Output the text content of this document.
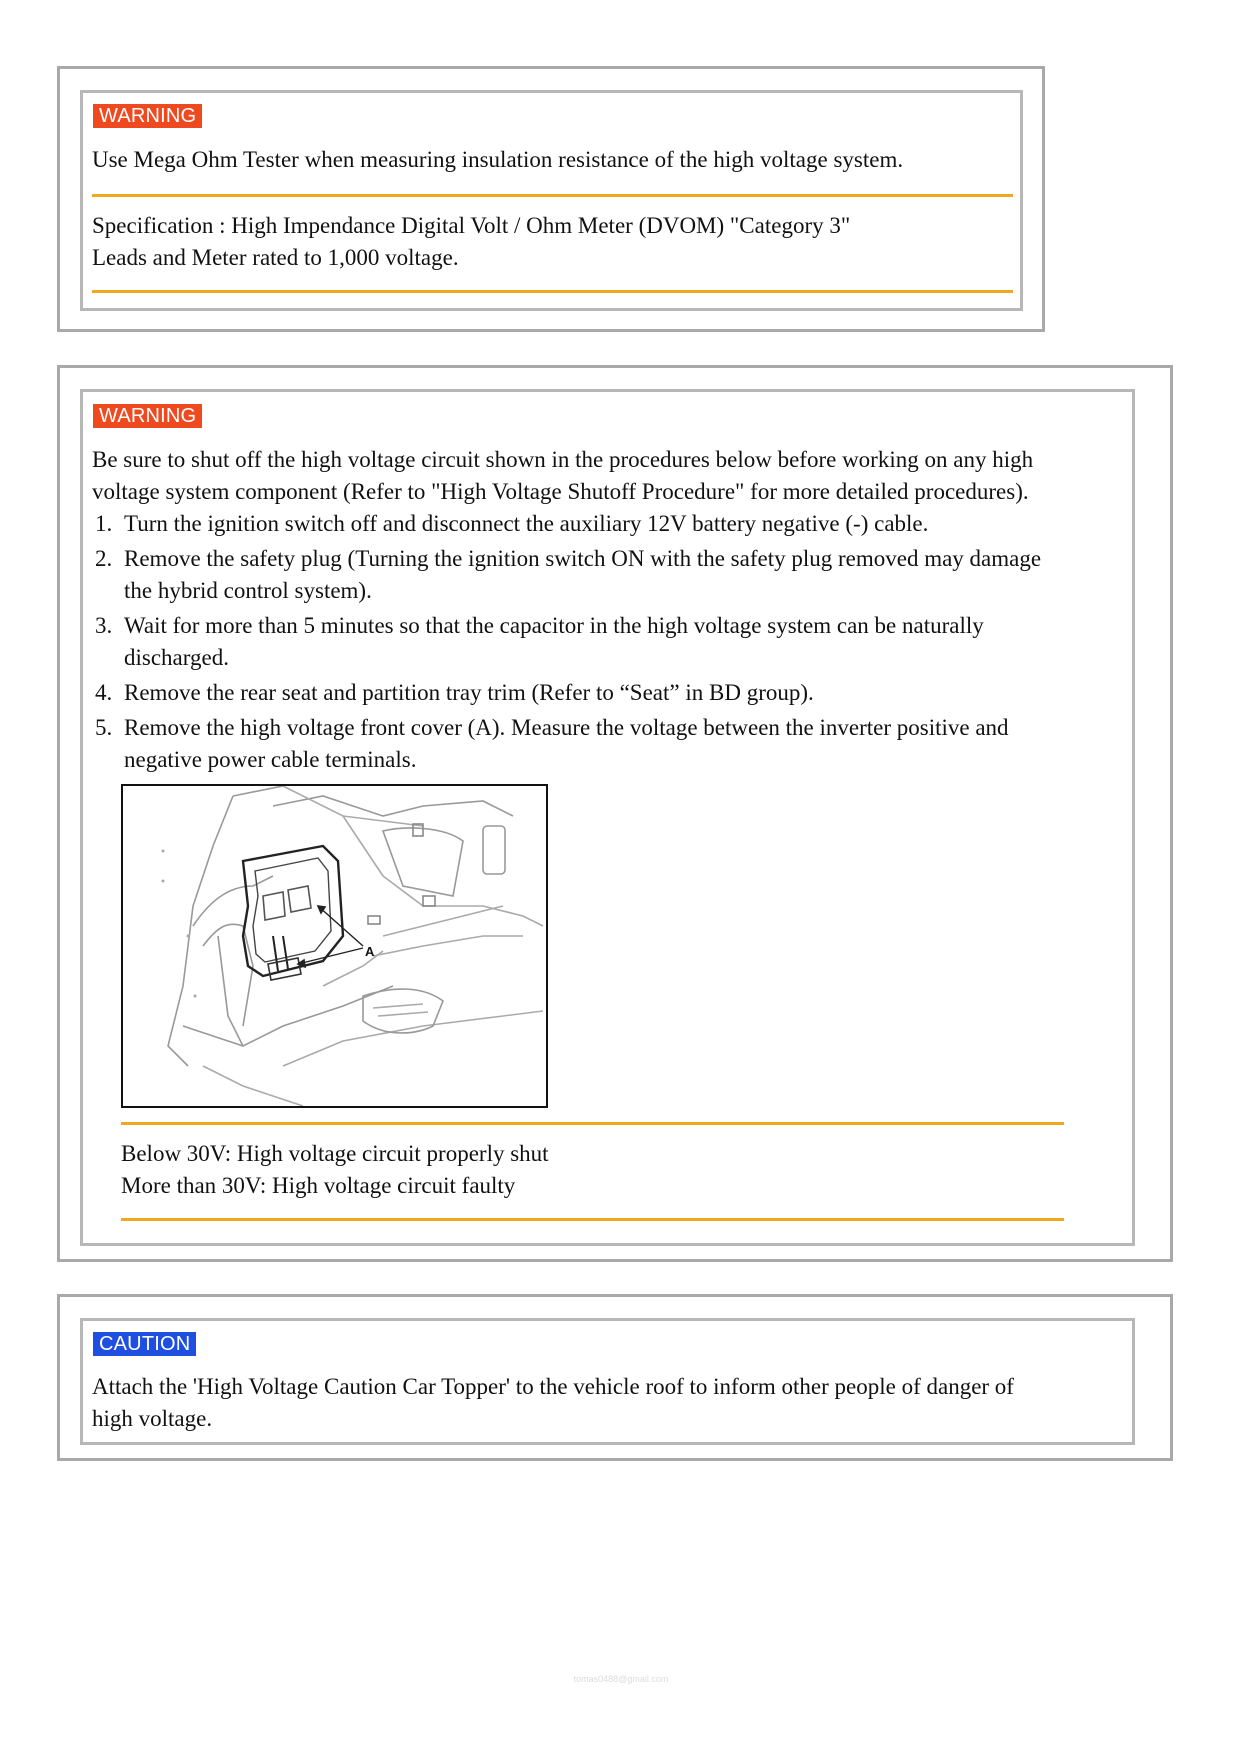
WARNING
Use Mega Ohm Tester when measuring insulation resistance of the high voltage system.
Specification : High Impendance Digital Volt / Ohm Meter (DVOM) "Category 3"
Leads and Meter rated to 1,000 voltage.
WARNING
Be sure to shut off the high voltage circuit shown in the procedures below before working on any high
voltage system component (Refer to "High Voltage Shutoff Procedure" for more detailed procedures).
1. Turn the ignition switch off and disconnect the auxiliary 12V battery negative (-) cable.
2. Remove the safety plug (Turning the ignition switch ON with the safety plug removed may damage
the hybrid control system).
3. Wait for more than 5 minutes so that the capacitor in the high voltage system can be naturally
discharged.
4. Remove the rear seat and partition tray trim (Refer to “Seat” in BD group).
5. Remove the high voltage front cover (A). Measure the voltage between the inverter positive and
negative power cable terminals.
A
Below 30V: High voltage circuit properly shut
More than 30V: High voltage circuit faulty
CAUTION
Attach the 'High Voltage Caution Car Topper' to the vehicle roof to inform other people of danger of
high voltage.
tomas0488@gmail.com
